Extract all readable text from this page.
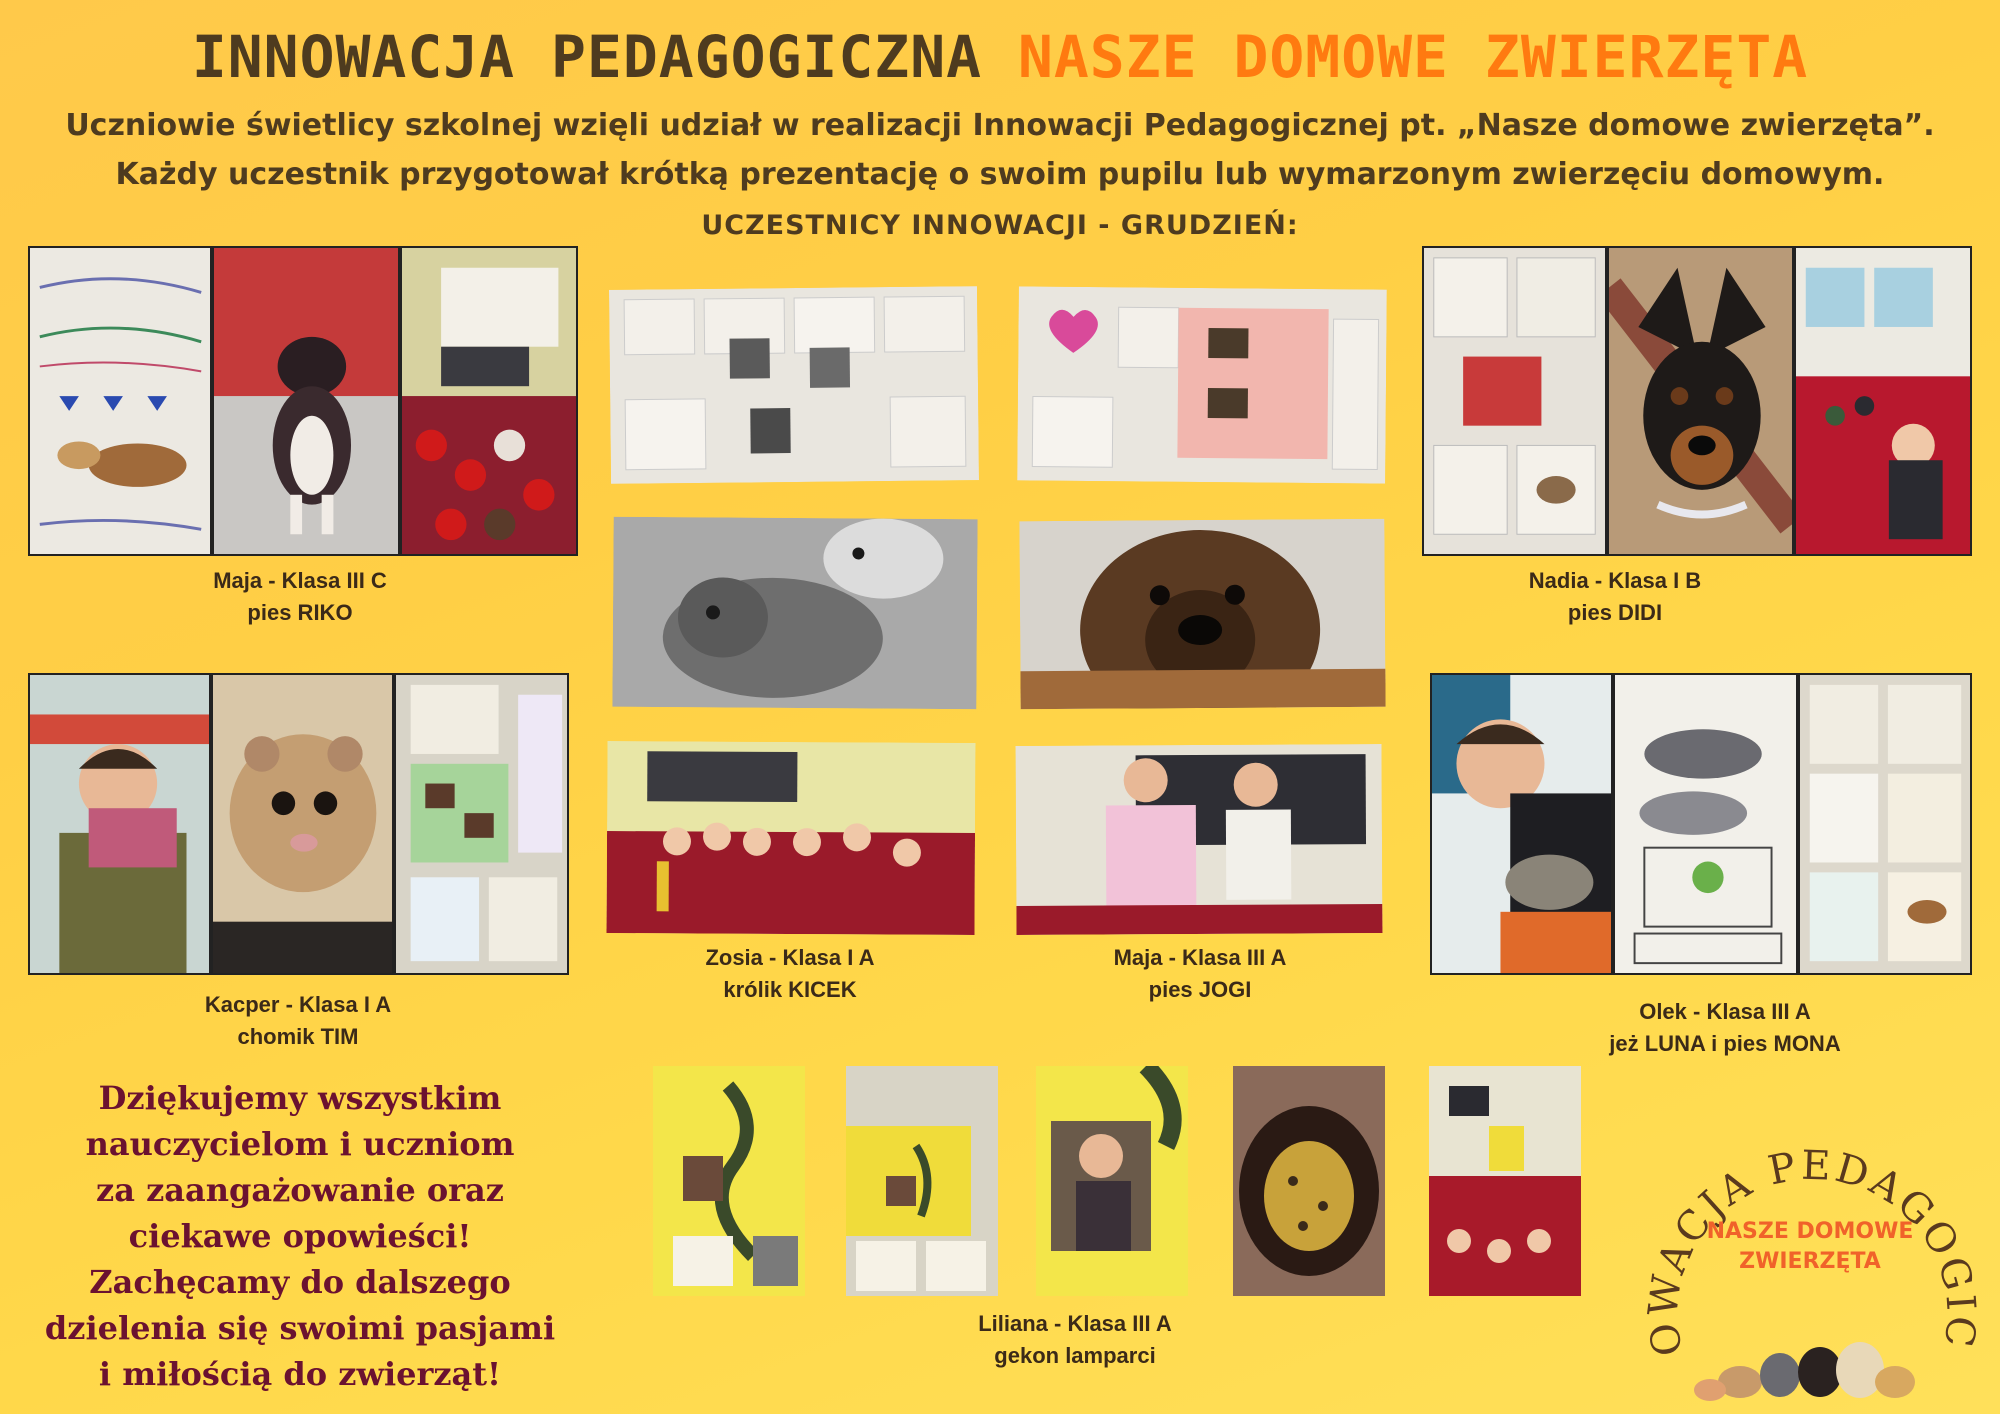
INNOWACJA PEDAGOGICZNA NASZE DOMOWE ZWIERZĘTA
Uczniowie świetlicy szkolnej wzięli udział w realizacji Innowacji Pedagogicznej pt. „Nasze domowe zwierzęta”.
Każdy uczestnik przygotował krótką prezentację o swoim pupilu lub wymarzonym zwierzęciu domowym.
UCZESTNICY INNOWACJI - GRUDZIEŃ:
Maja - Klasa III C
pies RIKO
Nadia - Klasa I B
pies DIDI
Kacper - Klasa I A
chomik TIM
Olek - Klasa III A
jeż LUNA i pies MONA
Zosia - Klasa I A
królik KICEK
Maja - Klasa III A
pies JOGI
Liliana - Klasa III A
gekon lamparci
Dziękujemy wszystkim
nauczycielom i uczniom
za zaangażowanie oraz
ciekawe opowieści!
Zachęcamy do dalszego
dzielenia się swoimi pasjami
i miłością do zwierząt!
OWACJA PEDAGOGIC
NASZE DOMOWE
ZWIERZĘTA
